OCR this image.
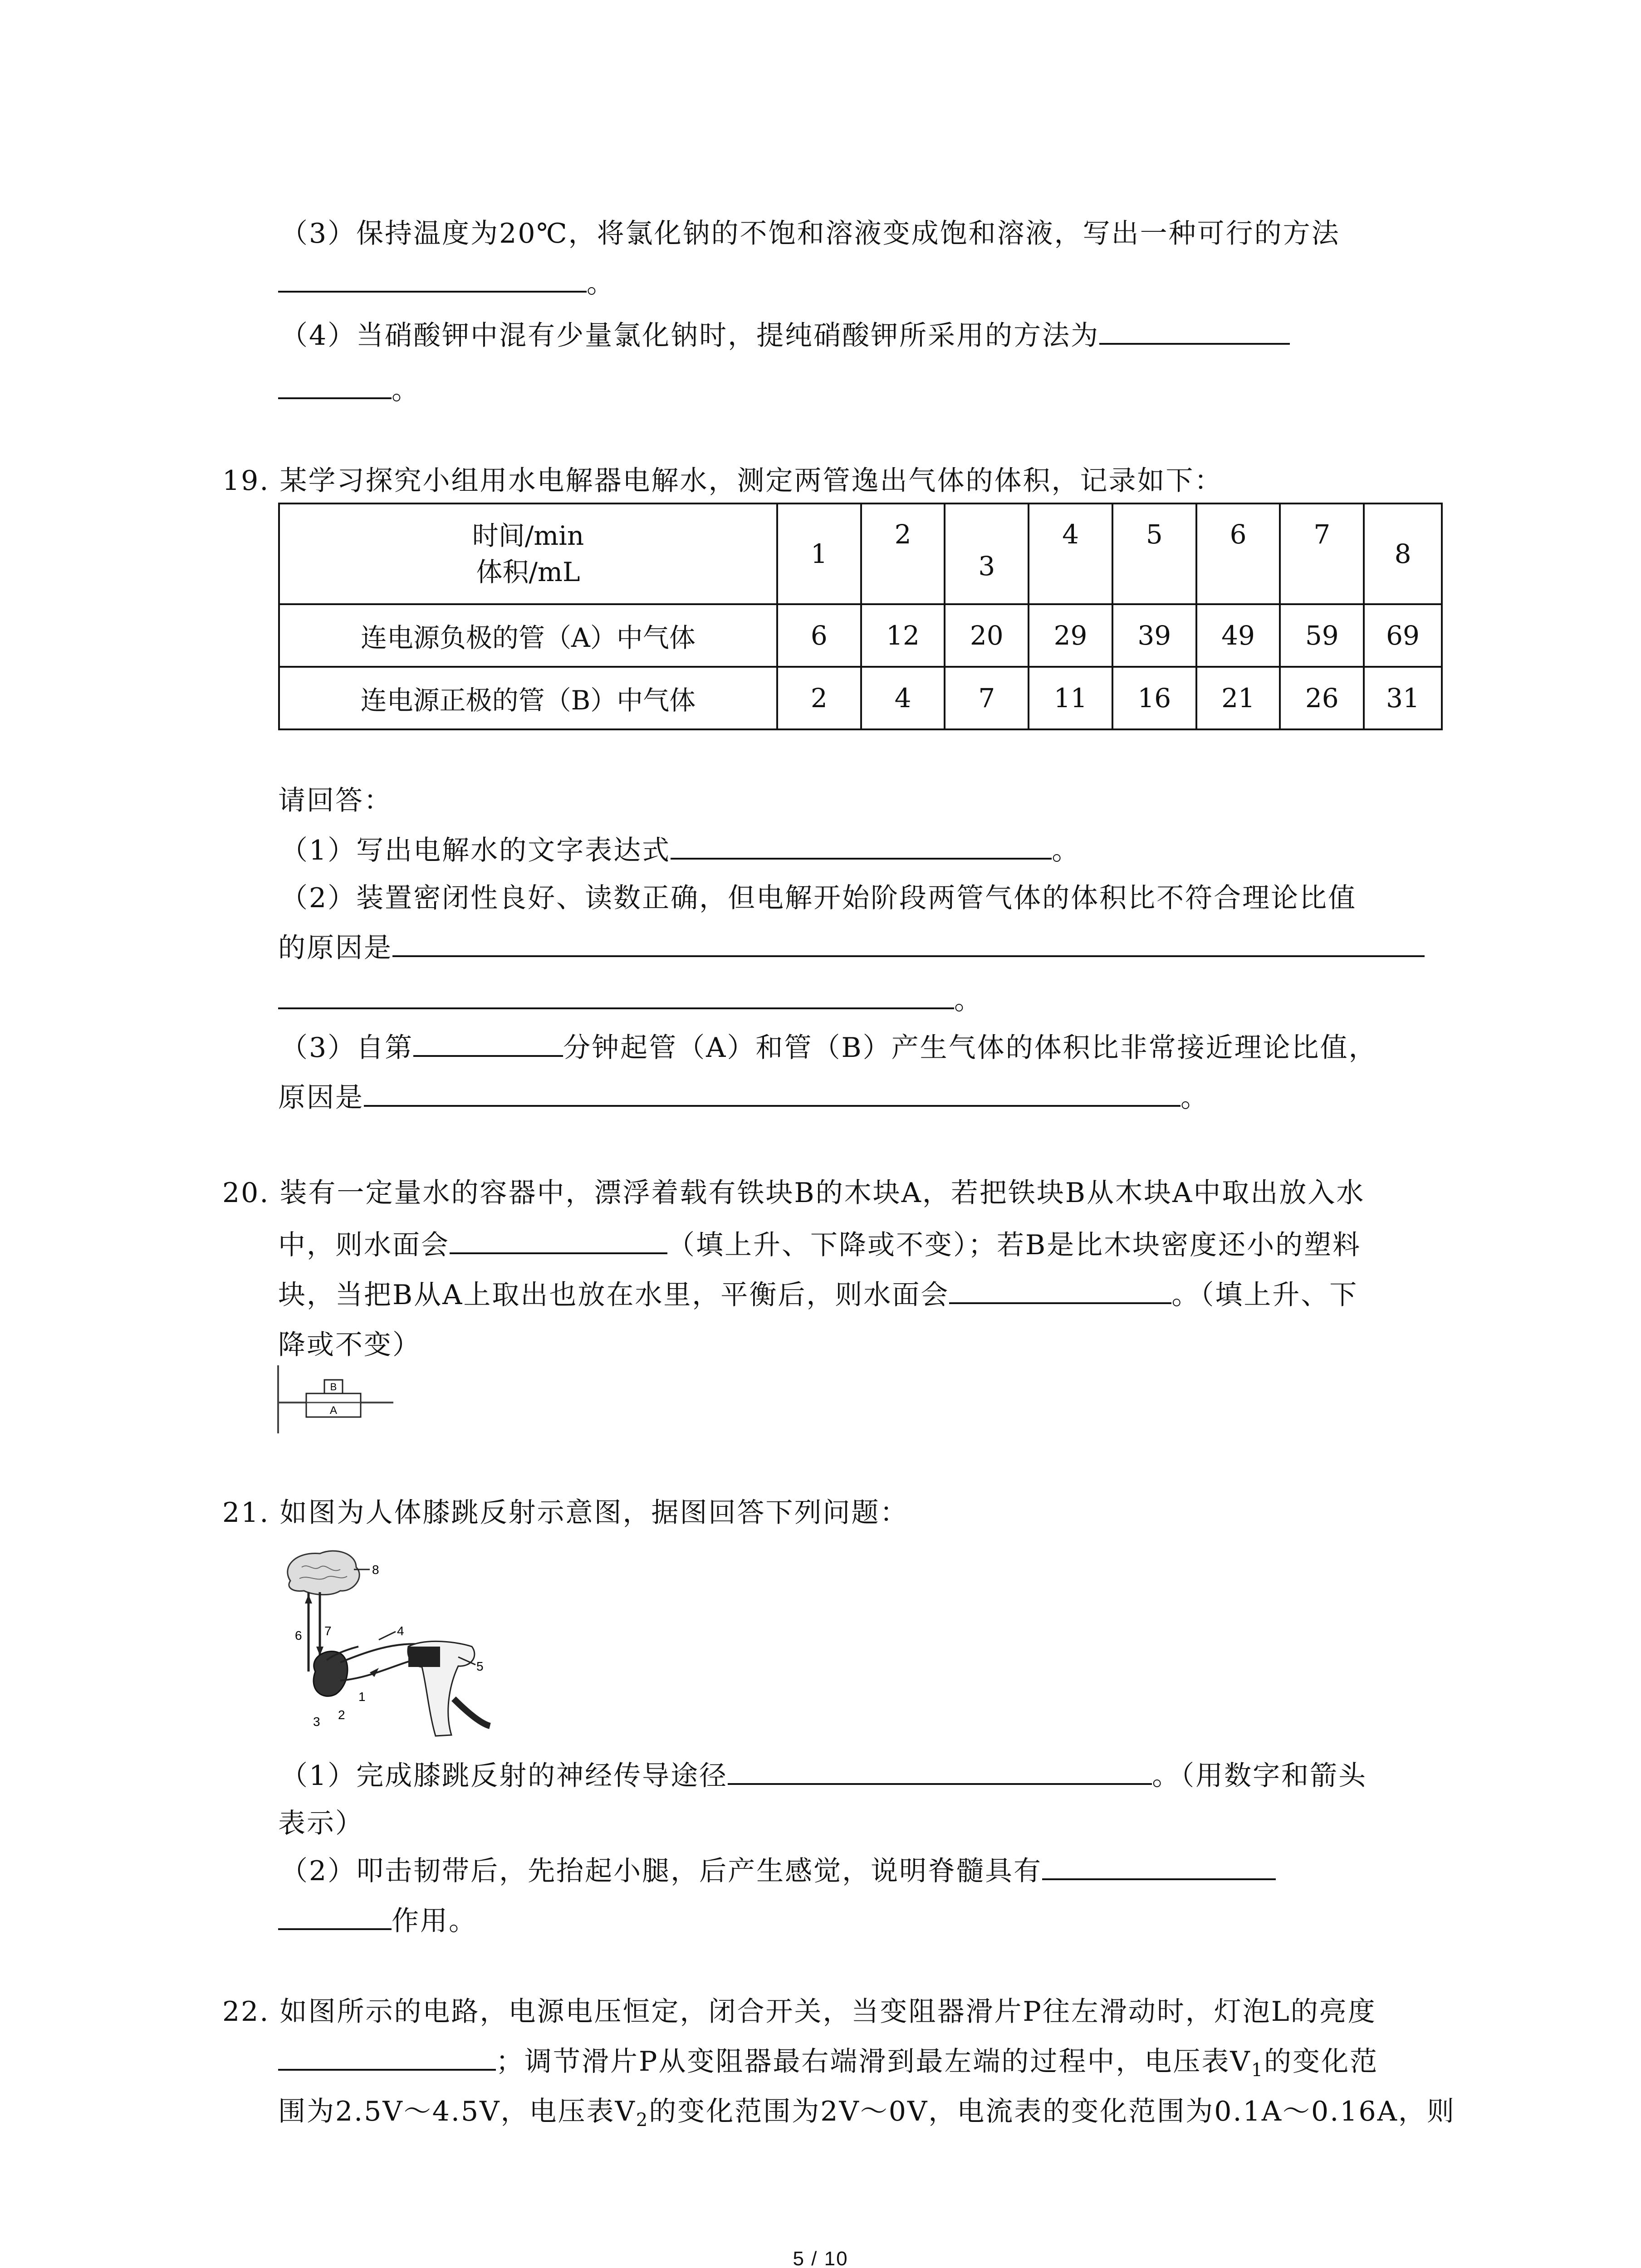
（3）保持温度为20℃，将氯化钠的不饱和溶液变成饱和溶液，写出一种可行的方法
。
（4）当硝酸钾中混有少量氯化钠时，提纯硝酸钾所采用的方法为
。
19. 某学习探究小组用水电解器电解水，测定两管逸出气体的体积，记录如下：
时间/min
体积/mL	1	2	3	4	5	6	7	8
连电源负极的管（A）中气体	6	12	20	29	39	49	59	69
连电源正极的管（B）中气体	2	4	7	11	16	21	26	31
请回答：
（1）写出电解水的文字表达式	。
（2）装置密闭性良好、读数正确，但电解开始阶段两管气体的体积比不符合理论比值
的原因是
。
（3）自第	分钟起管（A）和管（B）产生气体的体积比非常接近理论比值，
原因是	。
20. 装有一定量水的容器中，漂浮着载有铁块B的木块A，若把铁块B从木块A中取出放入水
中，则水面会	（填上升、下降或不变）；若B是比木块密度还小的塑料
块，当把B从A上取出也放在水里，平衡后，则水面会	。（填上升、下
降或不变）
B
A
21. 如图为人体膝跳反射示意图，据图回答下列问题：
8
6 7
1
2
3
4
5
（1）完成膝跳反射的神经传导途径	。（用数字和箭头
表示）
（2）叩击韧带后，先抬起小腿，后产生感觉，说明脊髓具有
作用。
22. 如图所示的电路，电源电压恒定，闭合开关，当变阻器滑片P往左滑动时，灯泡L的亮度
；调节滑片P从变阻器最右端滑到最左端的过程中，电压表$V_1$的变化范
围为2.5V～4.5V，电压表$V_2$的变化范围为2V～0V，电流表的变化范围为0.1A～0.16A，则
5 / 10
